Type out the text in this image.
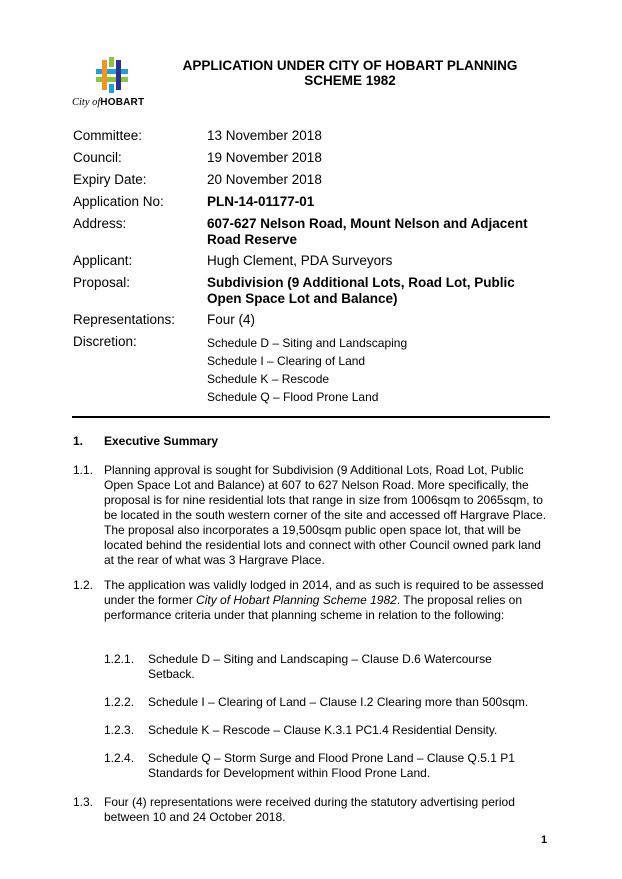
City ofHOBART
APPLICATION UNDER CITY OF HOBART PLANNING SCHEME 1982
Committee:	13 November 2018
Council:	19 November 2018
Expiry Date:	20 November 2018
Application No:	PLN-14-01177-01
Address:	607-627 Nelson Road, Mount Nelson and Adjacent Road Reserve
Applicant:	Hugh Clement, PDA Surveyors
Proposal:	Subdivision (9 Additional Lots, Road Lot, Public Open Space Lot and Balance)
Representations: Four (4)
Discretion:	Schedule D – Siting and Landscaping
Schedule I – Clearing of Land
Schedule K – Rescode
Schedule Q – Flood Prone Land
1. Executive Summary
1.1. Planning approval is sought for Subdivision (9 Additional Lots, Road Lot, Public Open Space Lot and Balance) at 607 to 627 Nelson Road. More specifically, the proposal is for nine residential lots that range in size from 1006sqm to 2065sqm, to be located in the south western corner of the site and accessed off Hargrave Place. The proposal also incorporates a 19,500sqm public open space lot, that will be located behind the residential lots and connect with other Council owned park land at the rear of what was 3 Hargrave Place.
1.2. The application was validly lodged in 2014, and as such is required to be assessed under the former City of Hobart Planning Scheme 1982. The proposal relies on performance criteria under that planning scheme in relation to the following:
1.2.1. Schedule D – Siting and Landscaping – Clause D.6 Watercourse Setback.
1.2.2. Schedule I – Clearing of Land – Clause I.2 Clearing more than 500sqm.
1.2.3. Schedule K – Rescode – Clause K.3.1 PC1.4 Residential Density.
1.2.4. Schedule Q – Storm Surge and Flood Prone Land – Clause Q.5.1 P1 Standards for Development within Flood Prone Land.
1.3. Four (4) representations were received during the statutory advertising period between 10 and 24 October 2018.
1
